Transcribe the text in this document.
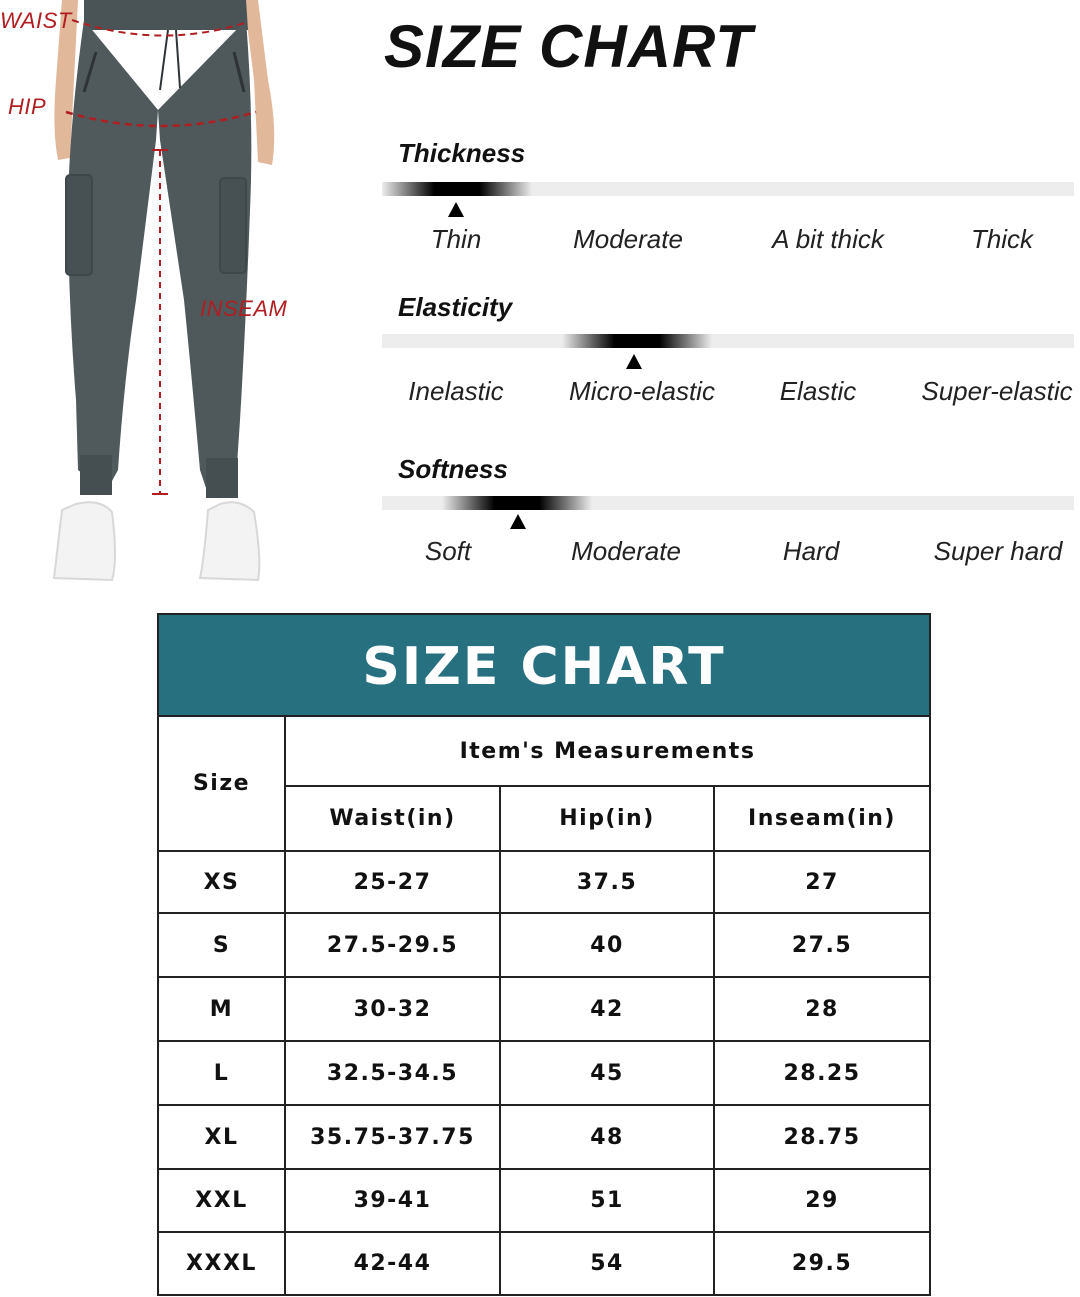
WAIST
HIP
INSEAM
SIZE CHART
Thickness
Thin	Moderate	A bit thick	Thick
Elasticity
Inelastic	Micro-elastic Elastic	Super-elastic
Softness
Soft	Moderate	Hard	Super hard
SIZE CHART
Size
Item's Measurements
Waist(in)	Hip(in)	Inseam(in)
XS	25-27	37.5	27
S	27.5-29.5	40	27.5
M	30-32	42	28
L	32.5-34.5	45	28.25
XL	35.75-37.75	48	28.75
XXL	39-41	51	29
XXXL	42-44	54	29.5
